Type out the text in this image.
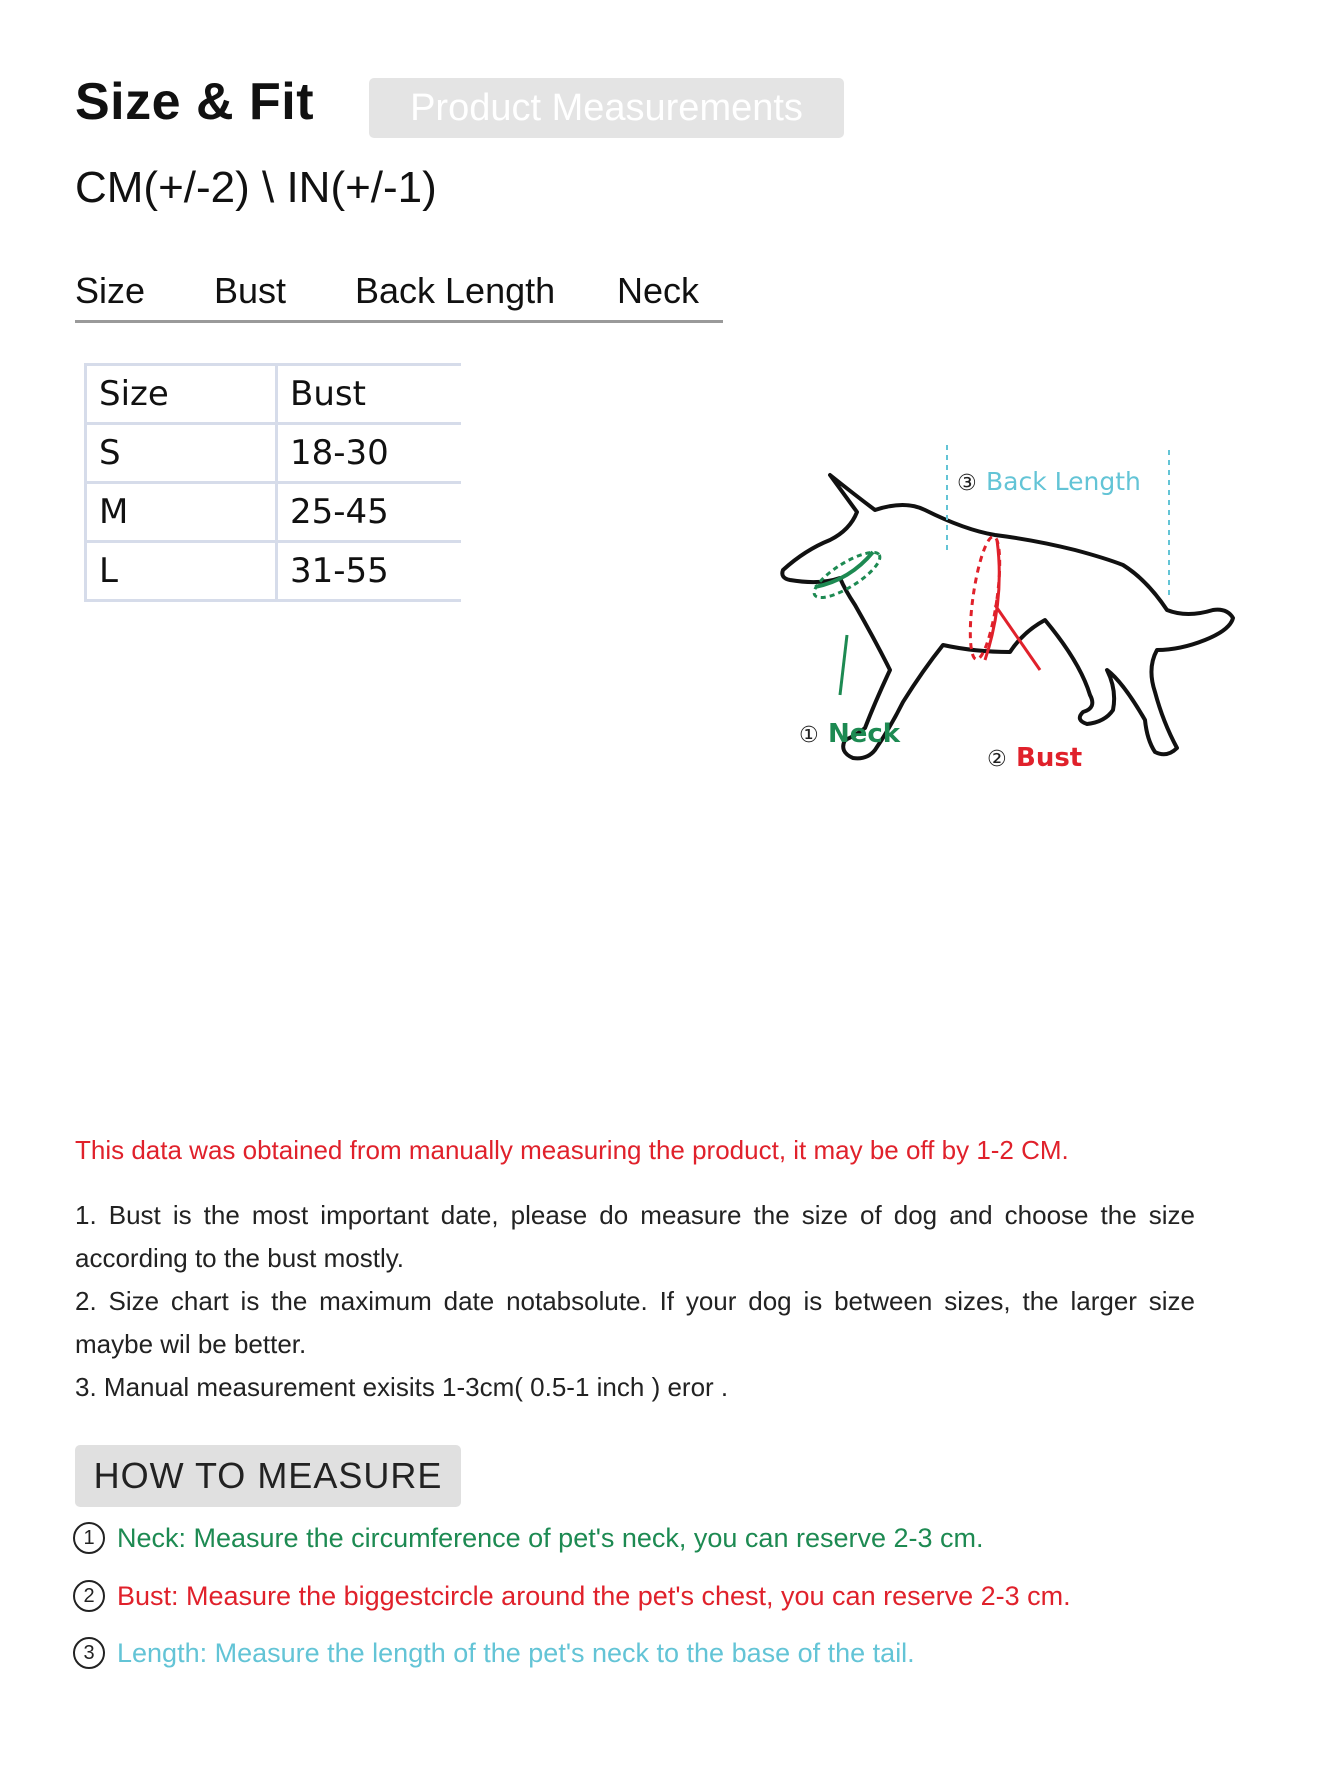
Size & Fit	Product Measurements
CM(+/-2) \ IN(+/-1)
Size Bust Back Length Neck
Size	Bust
S	18-30
M	25-45
L	31-55
③ Back Length
① Neck
② Bust
This data was obtained from manually measuring the product, it may be off by 1-2 CM.
1. Bust is the most important date, please do measure the size of dog and choose the size according to the bust mostly.
2. Size chart is the maximum date notabsolute. If your dog is between sizes, the larger size maybe wil be better.
3. Manual measurement exisits 1-3cm( 0.5-1 inch ) eror .
HOW TO MEASURE
1 Neck: Measure the circumference of pet's neck, you can reserve 2-3 cm.
2 Bust: Measure the biggestcircle around the pet's chest, you can reserve 2-3 cm.
3 Length: Measure the length of the pet's neck to the base of the tail.
